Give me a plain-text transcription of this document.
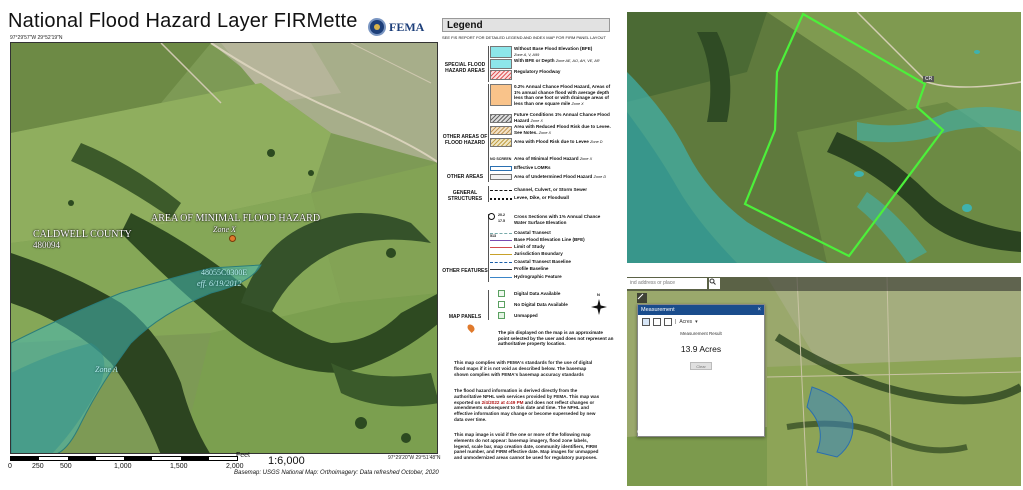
National Flood Hazard Layer FIRMette	FEMA
97°29'57"W 29°52'19"N
CALDWELL COUNTY
480094
AREA OF MINIMAL FLOOD HAZARD
Zone X
48055C0300E
eff. 6/19/2012
Zone A
97°29'20"W 29°51'48"N
0	250 500	1,000	1,500	2,000
Feet 1:6,000
Basemap: USGS National Map: Orthoimagery: Data refreshed October, 2020
Legend
SEE FIS REPORT FOR DETAILED LEGEND AND INDEX MAP FOR FIRM PANEL LAYOUT
SPECIAL FLOOD HAZARD AREAS
Without Base Flood Elevation (BFE)
Zone A, V, A99
With BFE or Depth Zone AE, AO, AH, VE, AR
Regulatory Floodway
OTHER AREAS OF FLOOD HAZARD
0.2% Annual Chance Flood Hazard, Areas of 1% annual chance flood with average depth less than one foot or with drainage areas of less than one square mile Zone X
Future Conditions 1% Annual Chance Flood Hazard Zone X
Area with Reduced Flood Risk due to Levee. See Notes. Zone X
Area with Flood Risk due to Levee Zone D
OTHER AREAS
NO SCREEN Area of Minimal Flood Hazard Zone X
Effective LOMRs
Area of Undetermined Flood Hazard Zone D
GENERAL STRUCTURES
Channel, Culvert, or Storm Sewer
Levee, Dike, or Floodwall
OTHER FEATURES
20.2
17.5
Cross Sections with 1% Annual Chance Water Surface Elevation
Coastal Transect
513
Base Flood Elevation Line (BFE)
Limit of Study
Jurisdiction Boundary
Coastal Transect Baseline
Profile Baseline
Hydrographic Feature
MAP PANELS
Digital Data Available
No Digital Data Available
Unmapped
N
The pin displayed on the map is an approximate point selected by the user and does not represent an authoritative property location.
This map complies with FEMA's standards for the use of digital flood maps if it is not void as described below. The basemap shown complies with FEMA's basemap accuracy standards
The flood hazard information is derived directly from the authoritative NFHL web services provided by FEMA. This map was exported on 2/4/2022 at 4:49 PM and does not reflect changes or amendments subsequent to this date and time. The NFHL and effective information may change or become superseded by new data over time.
This map image is void if the one or more of the following map elements do not appear: basemap imagery, flood zone labels, legend, scale bar, map creation date, community identifiers, FIRM panel number, and FIRM effective date. Map images for unmapped and unmodernized areas cannot be used for regulatory purposes.
CR
ind address or place
Measurement	×
| Acres ▾
Measurement Result
13.9 Acres
Clear
Maxar, CTR, available, Copyright
